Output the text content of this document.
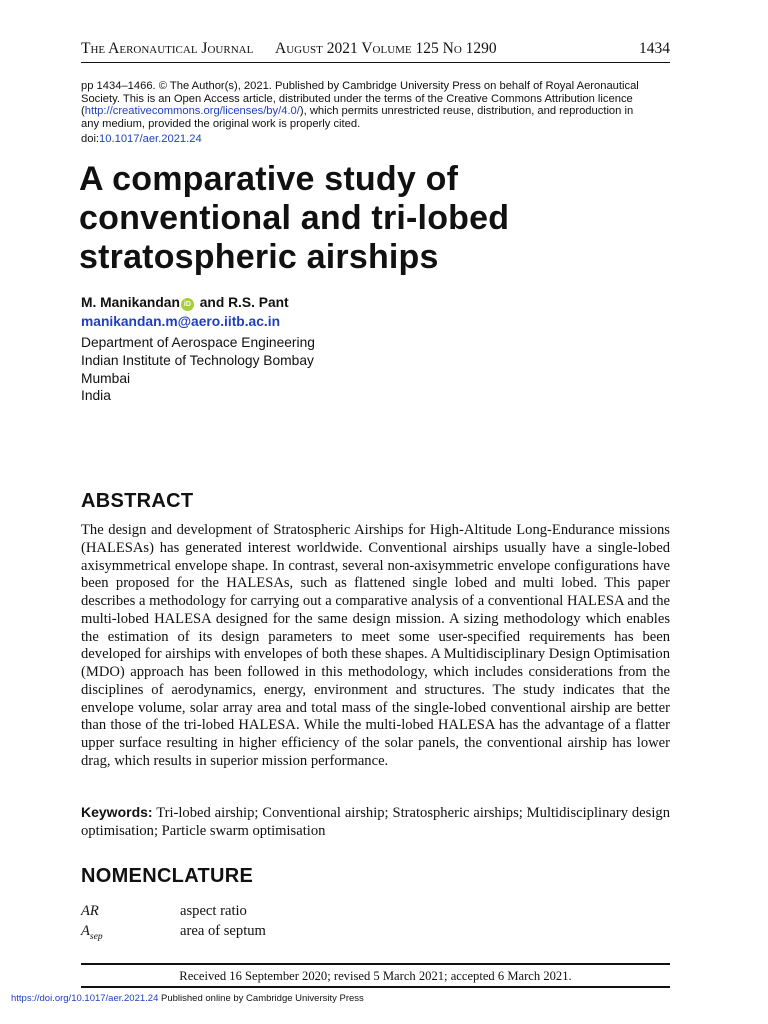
The Aeronautical Journal August 2021 Volume 125 No 1290	1434
pp 1434–1466. © The Author(s), 2021. Published by Cambridge University Press on behalf of Royal Aeronautical
Society. This is an Open Access article, distributed under the terms of the Creative Commons Attribution licence
(http://creativecommons.org/licenses/by/4.0/), which permits unrestricted reuse, distribution, and reproduction in
any medium, provided the original work is properly cited.
doi:10.1017/aer.2021.24
A comparative study of
conventional and tri-lobed
stratospheric airships
M. Manikandan iD and R.S. Pant
manikandan.m@aero.iitb.ac.in
Department of Aerospace Engineering
Indian Institute of Technology Bombay
Mumbai
India
ABSTRACT
The design and development of Stratospheric Airships for High-Altitude Long-Endurance missions (HALESAs) has generated interest worldwide. Conventional airships usually have a single-lobed axisymmetrical envelope shape. In contrast, several non-axisymmetric envelope configurations have been proposed for the HALESAs, such as flattened single lobed and multi lobed. This paper describes a methodology for carrying out a comparative analysis of a conventional HALESA and the multi-lobed HALESA designed for the same design mission. A sizing methodology which enables the estimation of its design parameters to meet some user-specified requirements has been developed for airships with envelopes of both these shapes. A Multidisciplinary Design Optimisation (MDO) approach has been followed in this methodology, which includes considerations from the disciplines of aerodynamics, energy, environment and structures. The study indicates that the envelope volume, solar array area and total mass of the single-lobed conventional airship are better than those of the tri-lobed HALESA. While the multi-lobed HALESA has the advantage of a flatter upper surface resulting in higher efficiency of the solar panels, the conventional airship has lower drag, which results in superior mission performance.
Keywords: Tri-lobed airship; Conventional airship; Stratospheric airships; Multidisciplinary design optimisation; Particle swarm optimisation
NOMENCLATURE
AR	aspect ratio
$A_{sep}$	area of septum
Received 16 September 2020; revised 5 March 2021; accepted 6 March 2021.
https://doi.org/10.1017/aer.2021.24 Published online by Cambridge University Press
